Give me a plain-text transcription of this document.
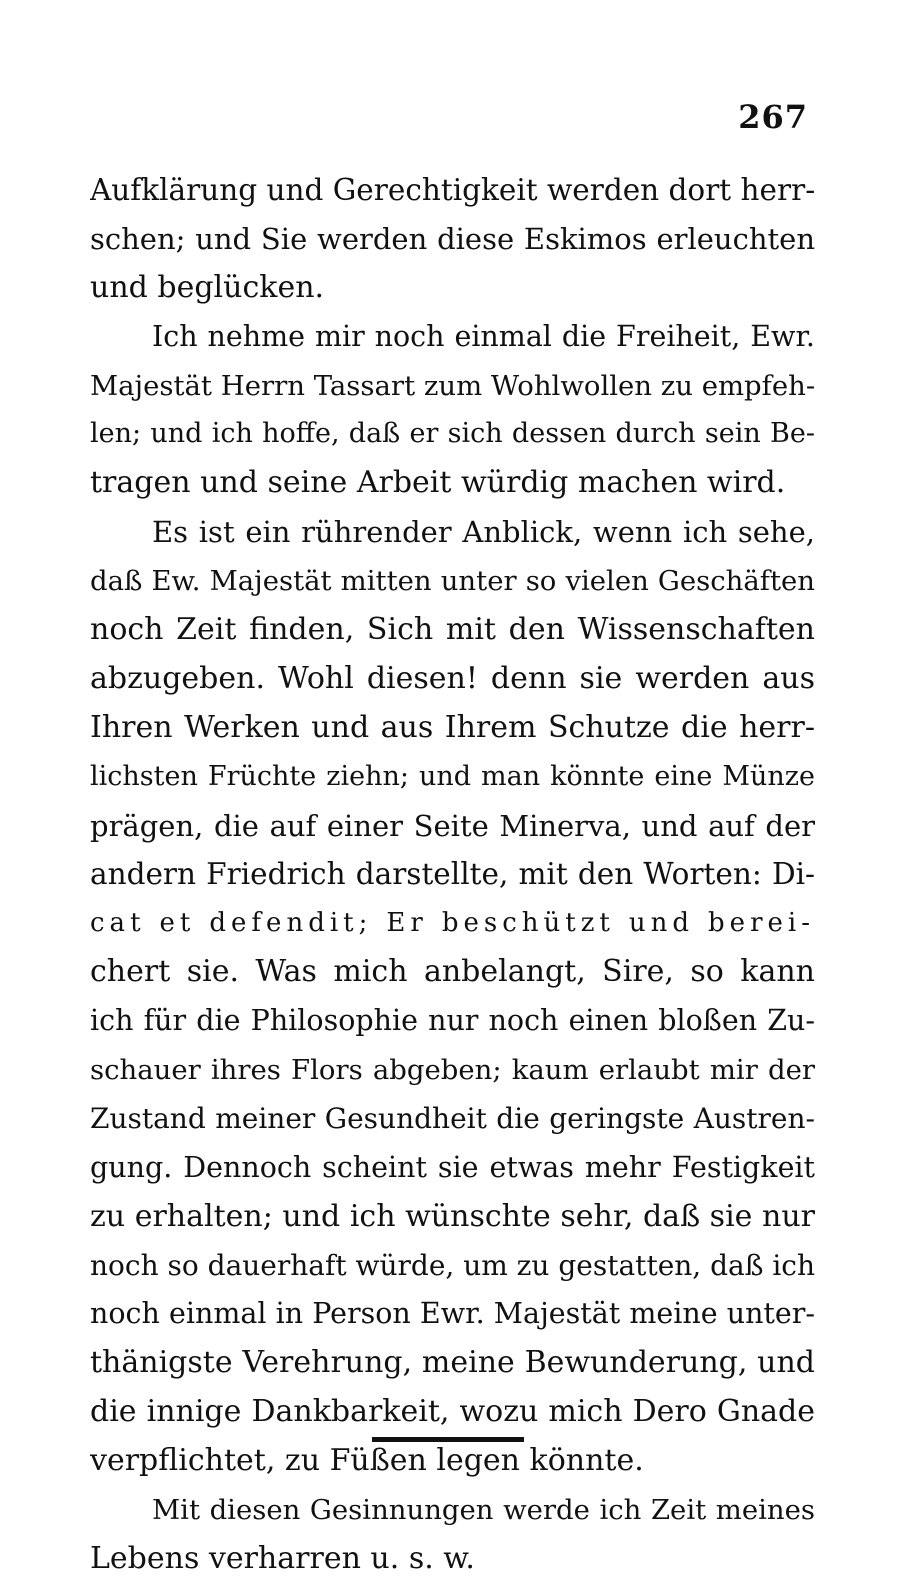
267
Aufklärung und Gerechtigkeit werden dort herr-
schen; und Sie werden diese Eskimos erleuchten
und beglücken.
Ich nehme mir noch einmal die Freiheit, Ewr.
Majestät Herrn Tassart zum Wohlwollen zu empfeh-
len; und ich hoffe, daß er sich dessen durch sein Be-
tragen und seine Arbeit würdig machen wird.
Es ist ein rührender Anblick, wenn ich sehe,
daß Ew. Majestät mitten unter so vielen Geschäften
noch Zeit finden, Sich mit den Wissenschaften
abzugeben. Wohl diesen! denn sie werden aus
Ihren Werken und aus Ihrem Schutze die herr-
lichsten Früchte ziehn; und man könnte eine Münze
prägen, die auf einer Seite Minerva, und auf der
andern Friedrich darstellte, mit den Worten: Di-
cat et defendit; Er beschützt und berei-
chert sie. Was mich anbelangt, Sire, so kann
ich für die Philosophie nur noch einen bloßen Zu-
schauer ihres Flors abgeben; kaum erlaubt mir der
Zustand meiner Gesundheit die geringste Austren-
gung. Dennoch scheint sie etwas mehr Festigkeit
zu erhalten; und ich wünschte sehr, daß sie nur
noch so dauerhaft würde, um zu gestatten, daß ich
noch einmal in Person Ewr. Majestät meine unter-
thänigste Verehrung, meine Bewunderung, und
die innige Dankbarkeit, wozu mich Dero Gnade
verpflichtet, zu Füßen legen könnte.
Mit diesen Gesinnungen werde ich Zeit meines
Lebens verharren u. s. w.
